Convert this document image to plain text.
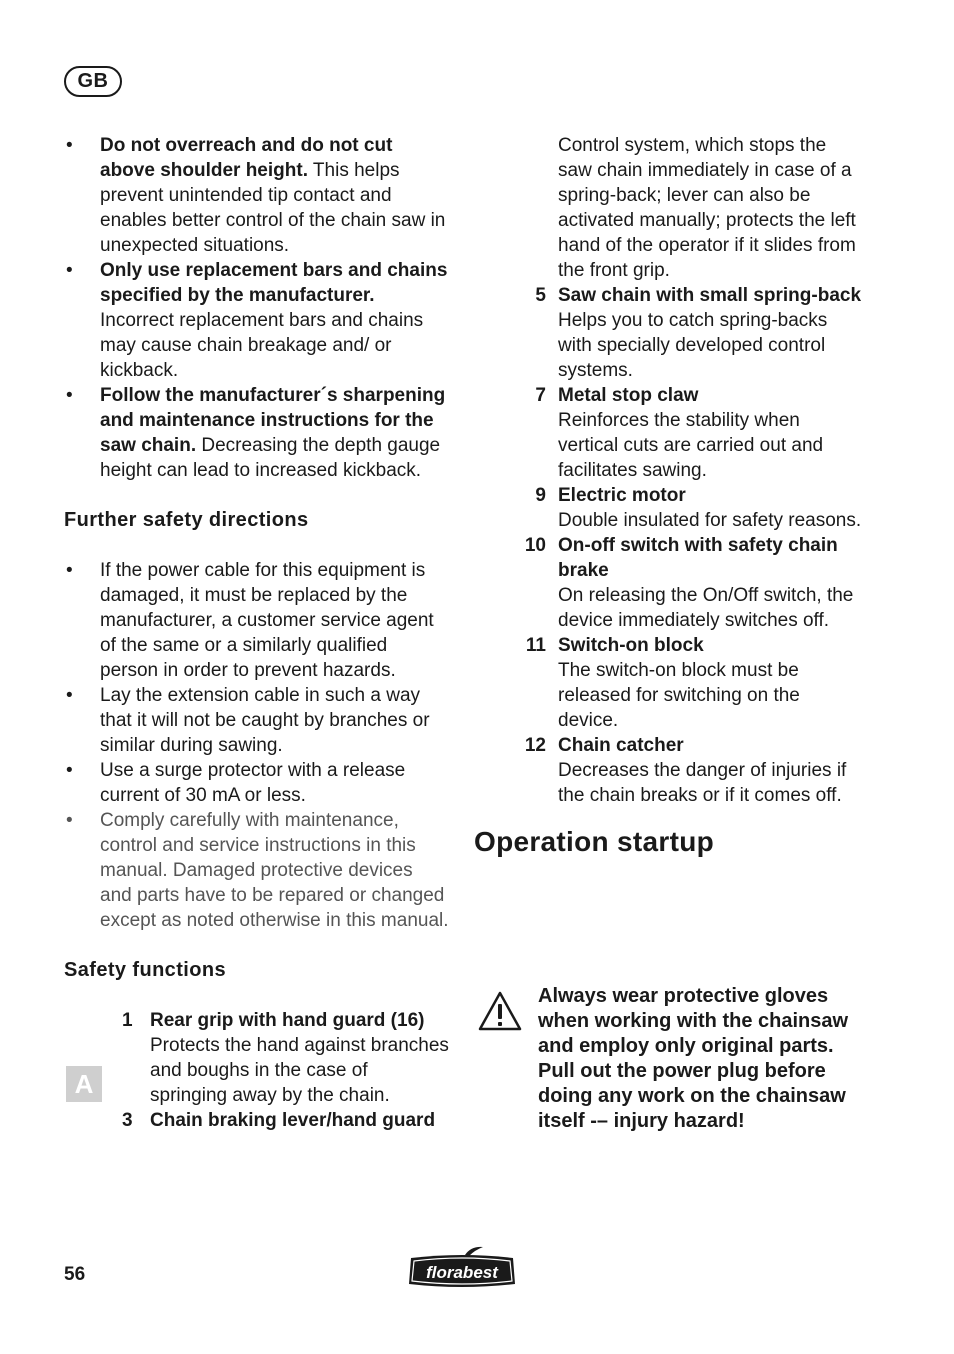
GB
• Do not overreach and do not cut above shoulder height. This helps prevent unintended tip contact and enables better control of the chain saw in unexpected situations.
• Only use replacement bars and chains specified by the manufacturer. Incorrect replacement bars and chains may cause chain breakage and/ or kickback.
• Follow the manufacturer´s sharpening and maintenance instructions for the saw chain. Decreasing the depth gauge height can lead to increased kickback.
Further safety directions
• If the power cable for this equipment is damaged, it must be replaced by the manufacturer, a customer service agent of the same or a similarly qualified person in order to prevent hazards.
• Lay the extension cable in such a way that it will not be caught by branches or similar during sawing.
• Use a surge protector with a release current of 30 mA or less.
• Comply carefully with maintenance, control and service instructions in this manual. Damaged protective devices and parts have to be repared or changed except as noted otherwise in this manual.
Safety functions
1 Rear grip with hand guard (16)
Protects the hand against branches and boughs in the case of springing away by the chain.
3 Chain braking lever/hand guard
A
Control system, which stops the saw chain immediately in case of a spring-back; lever can also be activated manually; protects the left hand of the operator if it slides from the front grip.
5 Saw chain with small spring-back
Helps you to catch spring-backs with specially developed control systems.
7 Metal stop claw
Reinforces the stability when vertical cuts are carried out and facilitates sawing.
9 Electric motor
Double insulated for safety reasons.
10 On-off switch with safety chain brake
On releasing the On/Off switch, the device immediately switches off.
11 Switch-on block
The switch-on block must be released for switching on the device.
12 Chain catcher
Decreases the danger of injuries if the chain breaks or if it comes off.
Operation startup
Always wear protective gloves when working with the chainsaw and employ only original parts. Pull out the power plug before doing any work on the chainsaw itself -– injury hazard!
56	florabest
